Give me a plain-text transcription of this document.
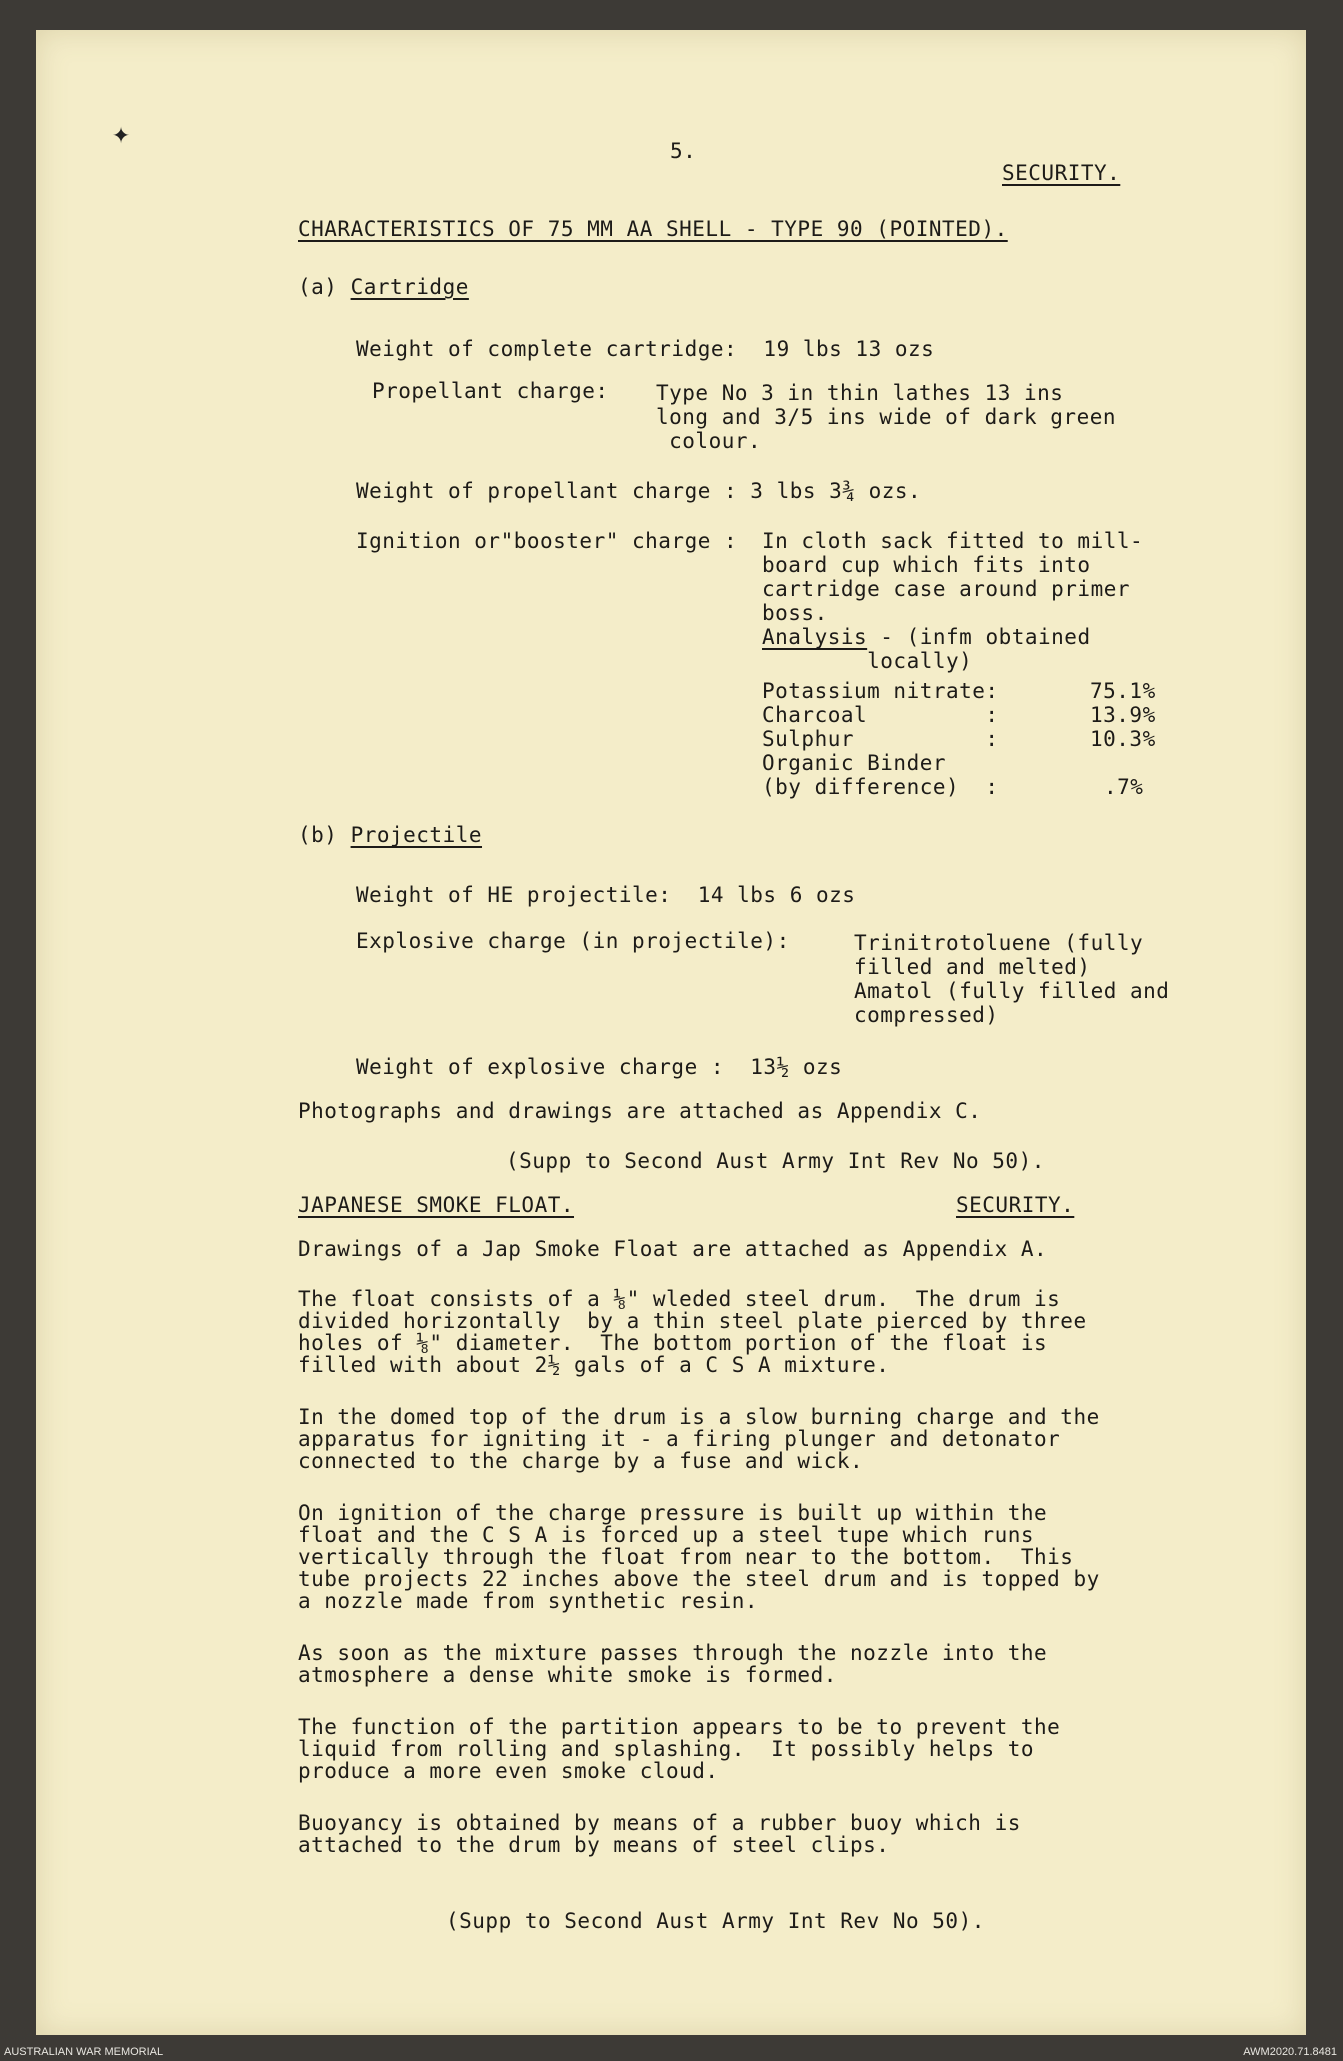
✦	5.
SECURITY.
CHARACTERISTICS OF 75 MM AA SHELL - TYPE 90 (POINTED).
(a) Cartridge
Weight of complete cartridge:  19 lbs 13 ozs
Propellant charge: Type No 3 in thin lathes 13 ins
long and 3/5 ins wide of dark green
colour.
Weight of propellant charge : 3 lbs 3¾ ozs.
Ignition or"booster" charge : In cloth sack fitted to mill-
board cup which fits into
cartridge case around primer
boss.
Analysis - (infm obtained
locally)
Potassium nitrate:	75.1%
Charcoal         :	13.9%
Sulphur          :	10.3%
Organic Binder
(by difference)  :	.7%
(b) Projectile
Weight of HE projectile:  14 lbs 6 ozs
Explosive charge (in projectile):	Trinitrotoluene (fully
filled and melted)
Amatol (fully filled and
compressed)
Weight of explosive charge :  13½ ozs
Photographs and drawings are attached as Appendix C.
(Supp to Second Aust Army Int Rev No 50).
JAPANESE SMOKE FLOAT.	SECURITY.
Drawings of a Jap Smoke Float are attached as Appendix A.
The float consists of a ⅛" wleded steel drum.  The drum is
divided horizontally  by a thin steel plate pierced by three
holes of ⅛" diameter.  The bottom portion of the float is
filled with about 2½ gals of a C S A mixture.
In the domed top of the drum is a slow burning charge and the
apparatus for igniting it - a firing plunger and detonator
connected to the charge by a fuse and wick.
On ignition of the charge pressure is built up within the
float and the C S A is forced up a steel tupe which runs
vertically through the float from near to the bottom.  This
tube projects 22 inches above the steel drum and is topped by
a nozzle made from synthetic resin.
As soon as the mixture passes through the nozzle into the
atmosphere a dense white smoke is formed.
The function of the partition appears to be to prevent the
liquid from rolling and splashing.  It possibly helps to
produce a more even smoke cloud.
Buoyancy is obtained by means of a rubber buoy which is
attached to the drum by means of steel clips.
(Supp to Second Aust Army Int Rev No 50).
AUSTRALIAN WAR MEMORIAL	AWM2020.71.8481
